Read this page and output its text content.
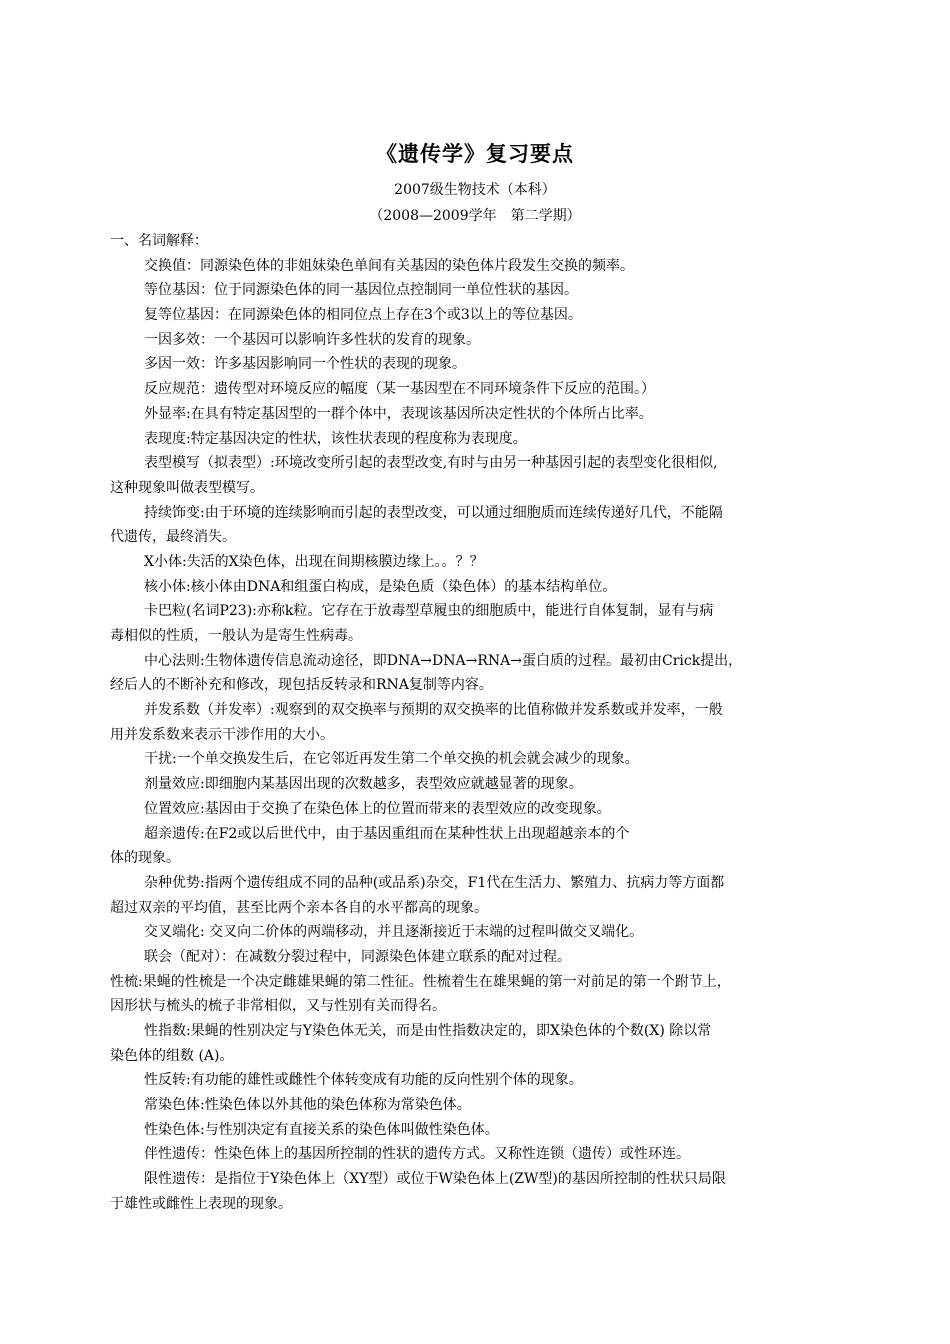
《遗传学》复习要点
2007级生物技术（本科）
（2008—2009学年　第二学期）
一、名词解释：
交换值：同源染色体的非姐妹染色单间有关基因的染色体片段发生交换的频率。
等位基因：位于同源染色体的同一基因位点控制同一单位性状的基因。
复等位基因：在同源染色体的相同位点上存在3个或3以上的等位基因。
一因多效：一个基因可以影响许多性状的发育的现象。
多因一效：许多基因影响同一个性状的表现的现象。
反应规范：遗传型对环境反应的幅度（某一基因型在不同环境条件下反应的范围。）
外显率:在具有特定基因型的一群个体中，表现该基因所决定性状的个体所占比率。
表现度:特定基因决定的性状，该性状表现的程度称为表现度。
表型模写（拟表型）:环境改变所引起的表型改变,有时与由另一种基因引起的表型变化很相似,
这种现象叫做表型模写。
持续饰变:由于环境的连续影响而引起的表型改变，可以通过细胞质而连续传递好几代，不能隔
代遗传，最终消失。
X小体:失活的X染色体，出现在间期核膜边缘上。。？？
核小体:核小体由DNA和组蛋白构成，是染色质（染色体）的基本结构单位。
卡巴粒(名词P23):亦称k粒。它存在于放毒型草履虫的细胞质中，能进行自体复制，显有与病
毒相似的性质，一般认为是寄生性病毒。
中心法则:生物体遗传信息流动途径，即DNA→DNA→RNA→蛋白质的过程。最初由Crick提出，
经后人的不断补充和修改，现包括反转录和RNA复制等内容。
并发系数（并发率）:观察到的双交换率与预期的双交换率的比值称做并发系数或并发率，一般
用并发系数来表示干涉作用的大小。
干扰:一个单交换发生后，在它邻近再发生第二个单交换的机会就会减少的现象。
剂量效应:即细胞内某基因出现的次数越多，表型效应就越显著的现象。
位置效应:基因由于交换了在染色体上的位置而带来的表型效应的改变现象。
超亲遗传:在F2或以后世代中，由于基因重组而在某种性状上出现超越亲本的个
体的现象。
杂种优势:指两个遗传组成不同的品种(或品系)杂交，F1代在生活力、繁殖力、抗病力等方面都
超过双亲的平均值，甚至比两个亲本各自的水平都高的现象。
交叉端化: 交叉向二价体的两端移动，并且逐渐接近于末端的过程叫做交叉端化。
联会（配对）：在减数分裂过程中，同源染色体建立联系的配对过程。
性梳:果蝇的性梳是一个决定雌雄果蝇的第二性征。性梳着生在雄果蝇的第一对前足的第一个跗节上，
因形状与梳头的梳子非常相似，又与性别有关而得名。
性指数:果蝇的性别决定与Y染色体无关，而是由性指数决定的，即X染色体的个数(X) 除以常
染色体的组数 (A)。
性反转:有功能的雄性或雌性个体转变成有功能的反向性别个体的现象。
常染色体:性染色体以外其他的染色体称为常染色体。
性染色体:与性别决定有直接关系的染色体叫做性染色体。
伴性遗传：性染色体上的基因所控制的性状的遗传方式。又称性连锁（遗传）或性环连。
限性遗传：是指位于Y染色体上（XY型）或位于W染色体上(ZW型)的基因所控制的性状只局限
于雄性或雌性上表现的现象。
